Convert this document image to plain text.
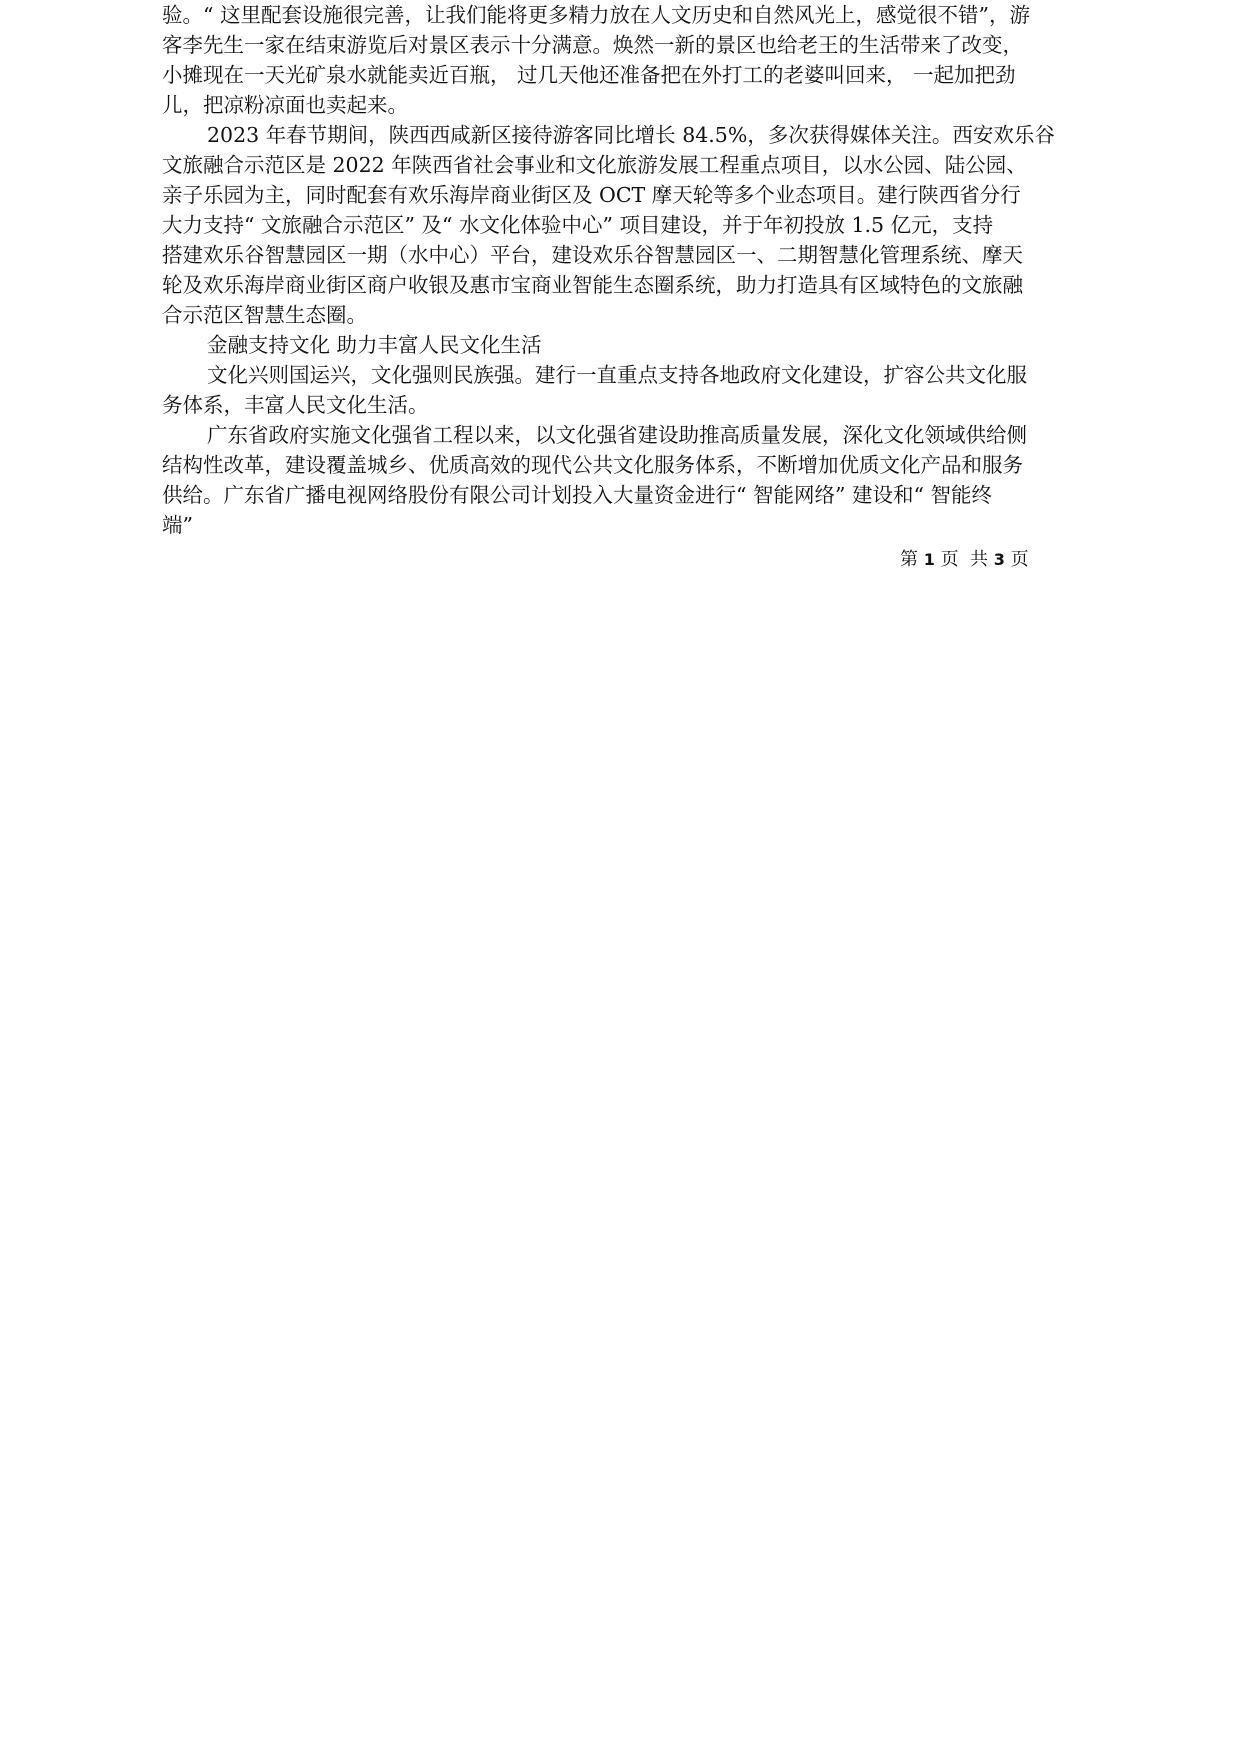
验。“ 这里配套设施很完善，让我们能将更多精力放在人文历史和自然风光上，感觉很不错”，游
客李先生一家在结束游览后对景区表示十分满意。焕然一新的景区也给老王的生活带来了改变，
小摊现在一天光矿泉水就能卖近百瓶， 过几天他还准备把在外打工的老婆叫回来， 一起加把劲
儿，把凉粉凉面也卖起来。
2023 年春节期间，陕西西咸新区接待游客同比增长 84.5%，多次获得媒体关注。西安欢乐谷
文旅融合示范区是 2022 年陕西省社会事业和文化旅游发展工程重点项目，以水公园、陆公园、
亲子乐园为主，同时配套有欢乐海岸商业街区及 OCT 摩天轮等多个业态项目。建行陕西省分行
大力支持“ 文旅融合示范区” 及“ 水文化体验中心” 项目建设，并于年初投放 1.5 亿元，支持
搭建欢乐谷智慧园区一期（水中心）平台，建设欢乐谷智慧园区一、二期智慧化管理系统、摩天
轮及欢乐海岸商业街区商户收银及惠市宝商业智能生态圈系统，助力打造具有区域特色的文旅融
合示范区智慧生态圈。
金融支持文化 助力丰富人民文化生活
文化兴则国运兴，文化强则民族强。建行一直重点支持各地政府文化建设，扩容公共文化服
务体系，丰富人民文化生活。
广东省政府实施文化强省工程以来，以文化强省建设助推高质量发展，深化文化领域供给侧
结构性改革，建设覆盖城乡、优质高效的现代公共文化服务体系，不断增加优质文化产品和服务
供给。广东省广播电视网络股份有限公司计划投入大量资金进行“ 智能网络” 建设和“ 智能终
端”
第 1 页  共 3 页
